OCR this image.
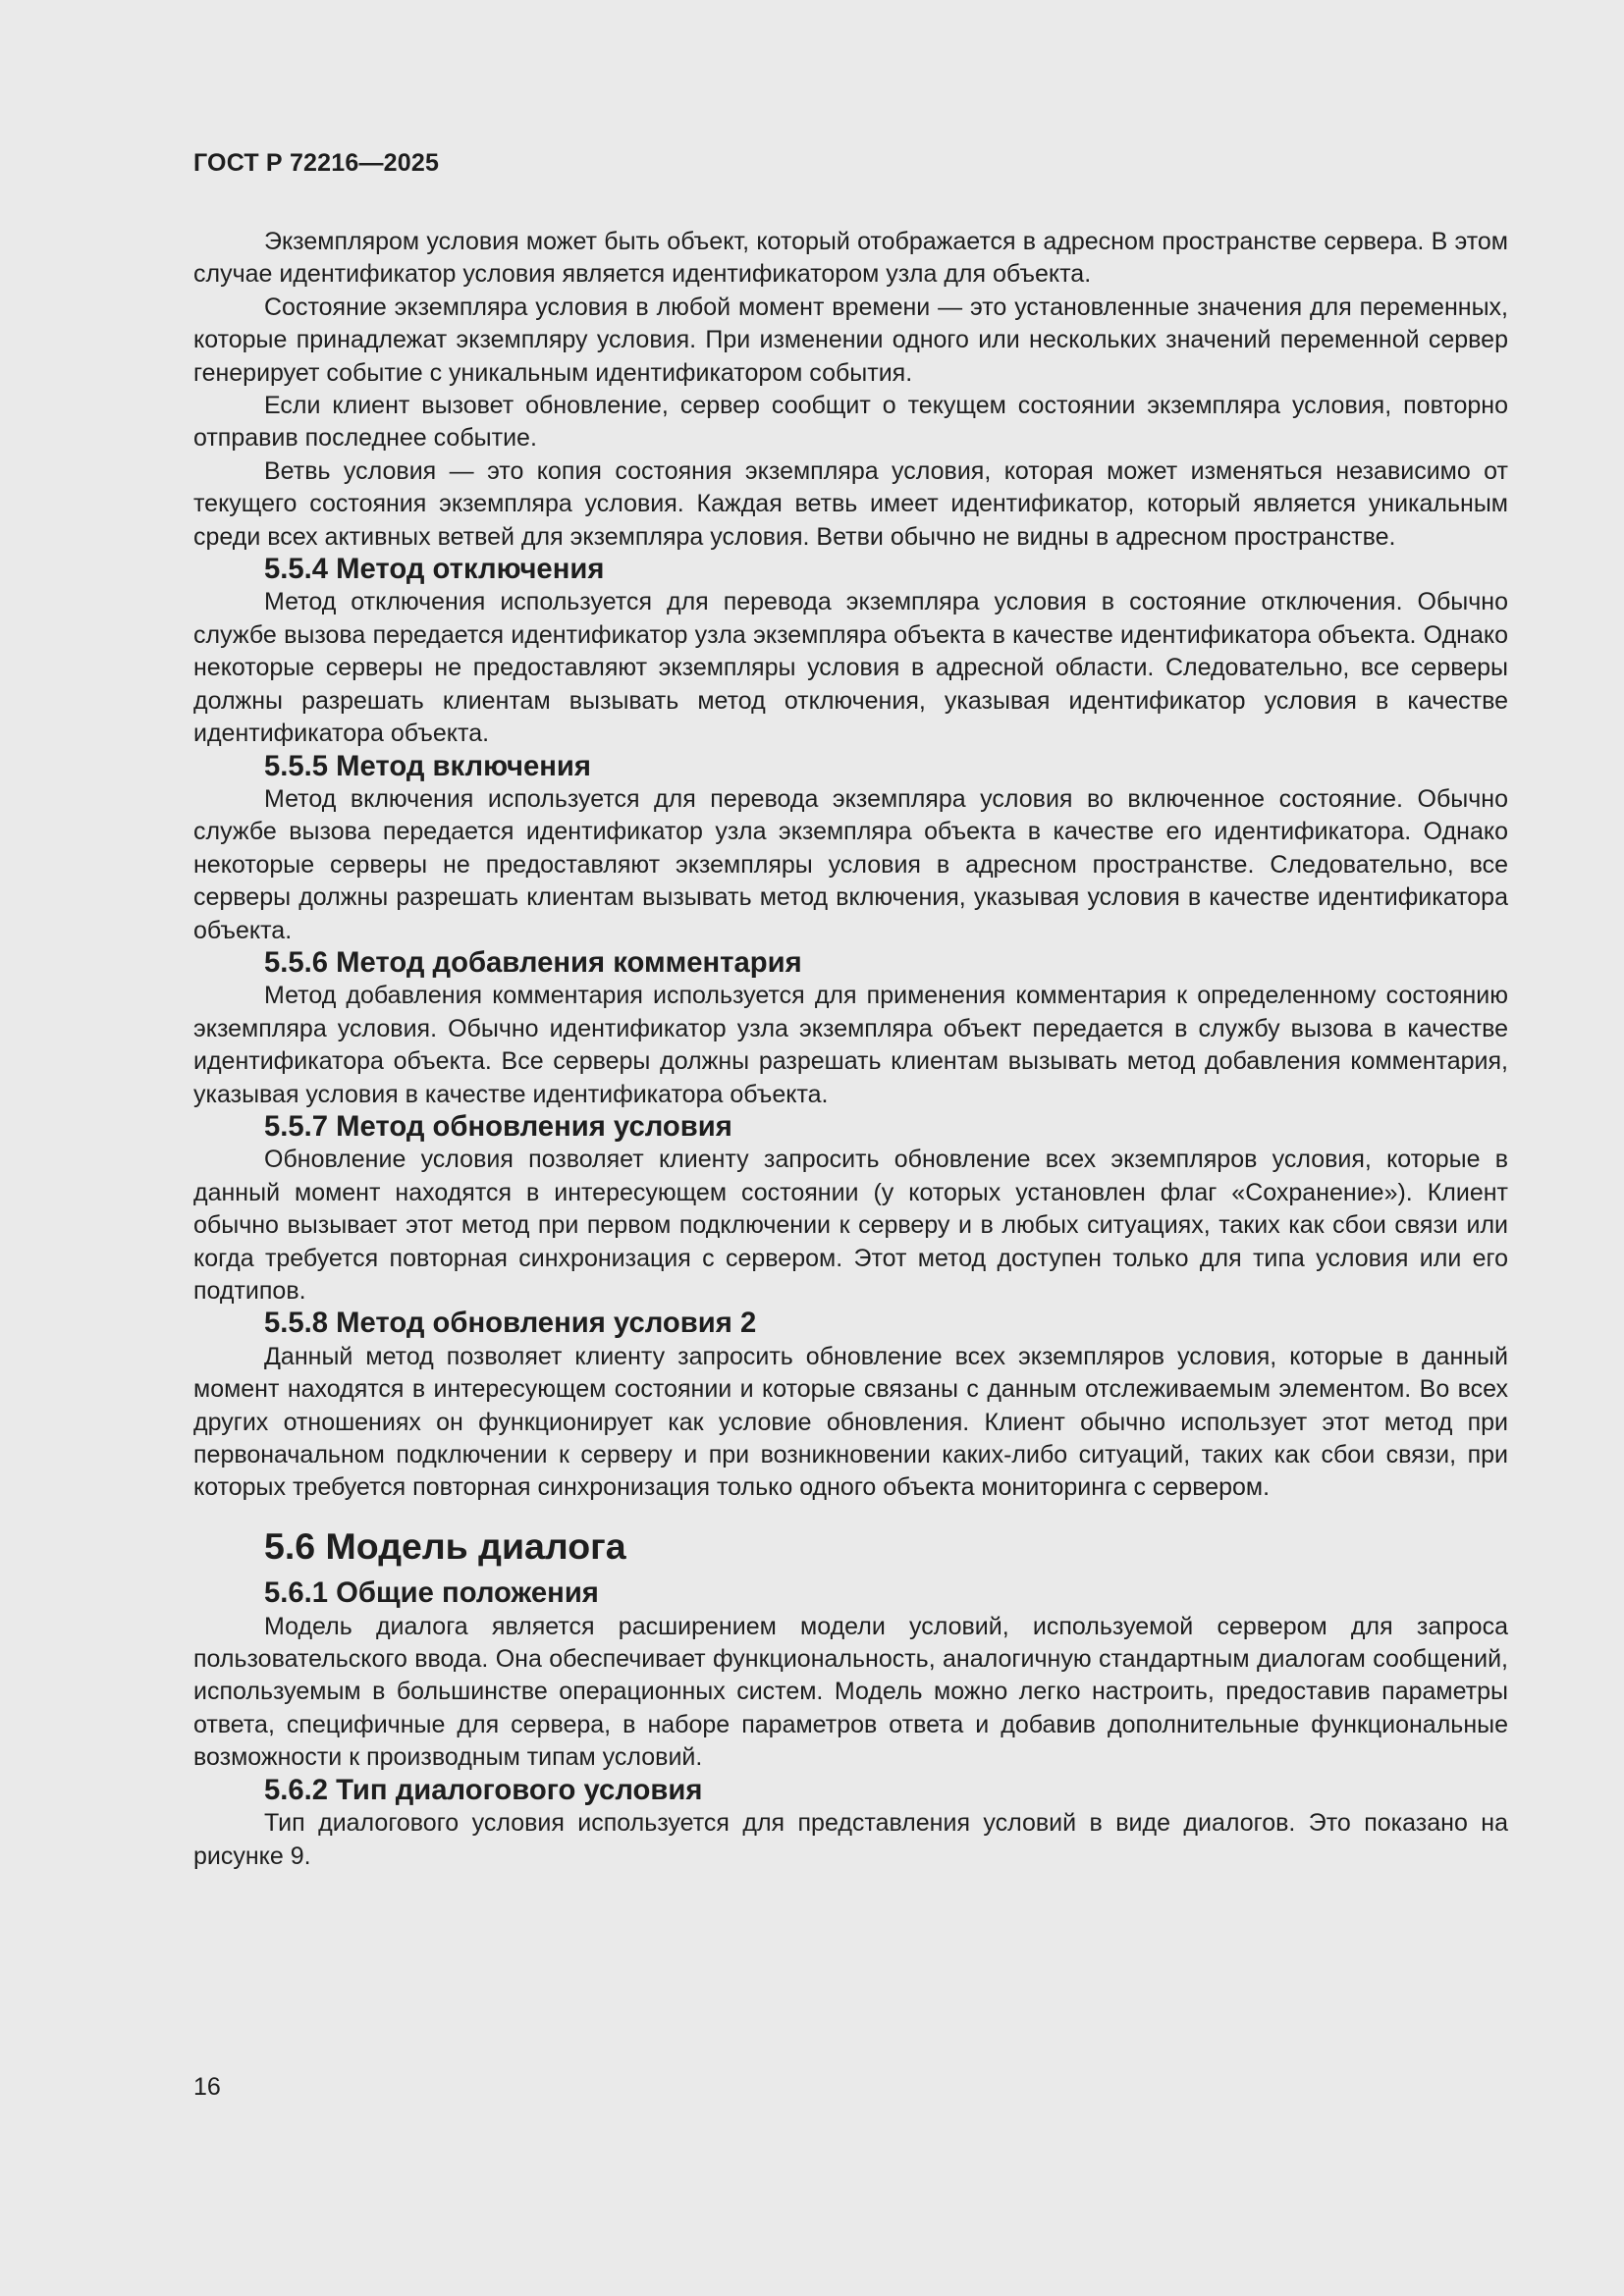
ГОСТ Р 72216—2025

Экземпляром условия может быть объект, который отображается в адресном пространстве сервера. В этом случае идентификатор условия является идентификатором узла для объекта.

Состояние экземпляра условия в любой момент времени — это установленные значения для переменных, которые принадлежат экземпляру условия. При изменении одного или нескольких значений переменной сервер генерирует событие с уникальным идентификатором события.

Если клиент вызовет обновление, сервер сообщит о текущем состоянии экземпляра условия, повторно отправив последнее событие.

Ветвь условия — это копия состояния экземпляра условия, которая может изменяться независимо от текущего состояния экземпляра условия. Каждая ветвь имеет идентификатор, который является уникальным среди всех активных ветвей для экземпляра условия. Ветви обычно не видны в адресном пространстве.

5.5.4 Метод отключения

Метод отключения используется для перевода экземпляра условия в состояние отключения. Обычно службе вызова передается идентификатор узла экземпляра объекта в качестве идентификатора объекта. Однако некоторые серверы не предоставляют экземпляры условия в адресной области. Следовательно, все серверы должны разрешать клиентам вызывать метод отключения, указывая идентификатор условия в качестве идентификатора объекта.

5.5.5 Метод включения

Метод включения используется для перевода экземпляра условия во включенное состояние. Обычно службе вызова передается идентификатор узла экземпляра объекта в качестве его идентификатора. Однако некоторые серверы не предоставляют экземпляры условия в адресном пространстве. Следовательно, все серверы должны разрешать клиентам вызывать метод включения, указывая условия в качестве идентификатора объекта.

5.5.6 Метод добавления комментария

Метод добавления комментария используется для применения комментария к определенному состоянию экземпляра условия. Обычно идентификатор узла экземпляра объект передается в службу вызова в качестве идентификатора объекта. Все серверы должны разрешать клиентам вызывать метод добавления комментария, указывая условия в качестве идентификатора объекта.

5.5.7 Метод обновления условия

Обновление условия позволяет клиенту запросить обновление всех экземпляров условия, которые в данный момент находятся в интересующем состоянии (у которых установлен флаг «Сохранение»). Клиент обычно вызывает этот метод при первом подключении к серверу и в любых ситуациях, таких как сбои связи или когда требуется повторная синхронизация с сервером. Этот метод доступен только для типа условия или его подтипов.

5.5.8 Метод обновления условия 2

Данный метод позволяет клиенту запросить обновление всех экземпляров условия, которые в данный момент находятся в интересующем состоянии и которые связаны с данным отслеживаемым элементом. Во всех других отношениях он функционирует как условие обновления. Клиент обычно использует этот метод при первоначальном подключении к серверу и при возникновении каких-либо ситуаций, таких как сбои связи, при которых требуется повторная синхронизация только одного объекта мониторинга с сервером.

5.6 Модель диалога
5.6.1 Общие положения

Модель диалога является расширением модели условий, используемой сервером для запроса пользовательского ввода. Она обеспечивает функциональность, аналогичную стандартным диалогам сообщений, используемым в большинстве операционных систем. Модель можно легко настроить, предоставив параметры ответа, специфичные для сервера, в наборе параметров ответа и добавив дополнительные функциональные возможности к производным типам условий.

5.6.2 Тип диалогового условия

Тип диалогового условия используется для представления условий в виде диалогов. Это показано на рисунке 9.

16
